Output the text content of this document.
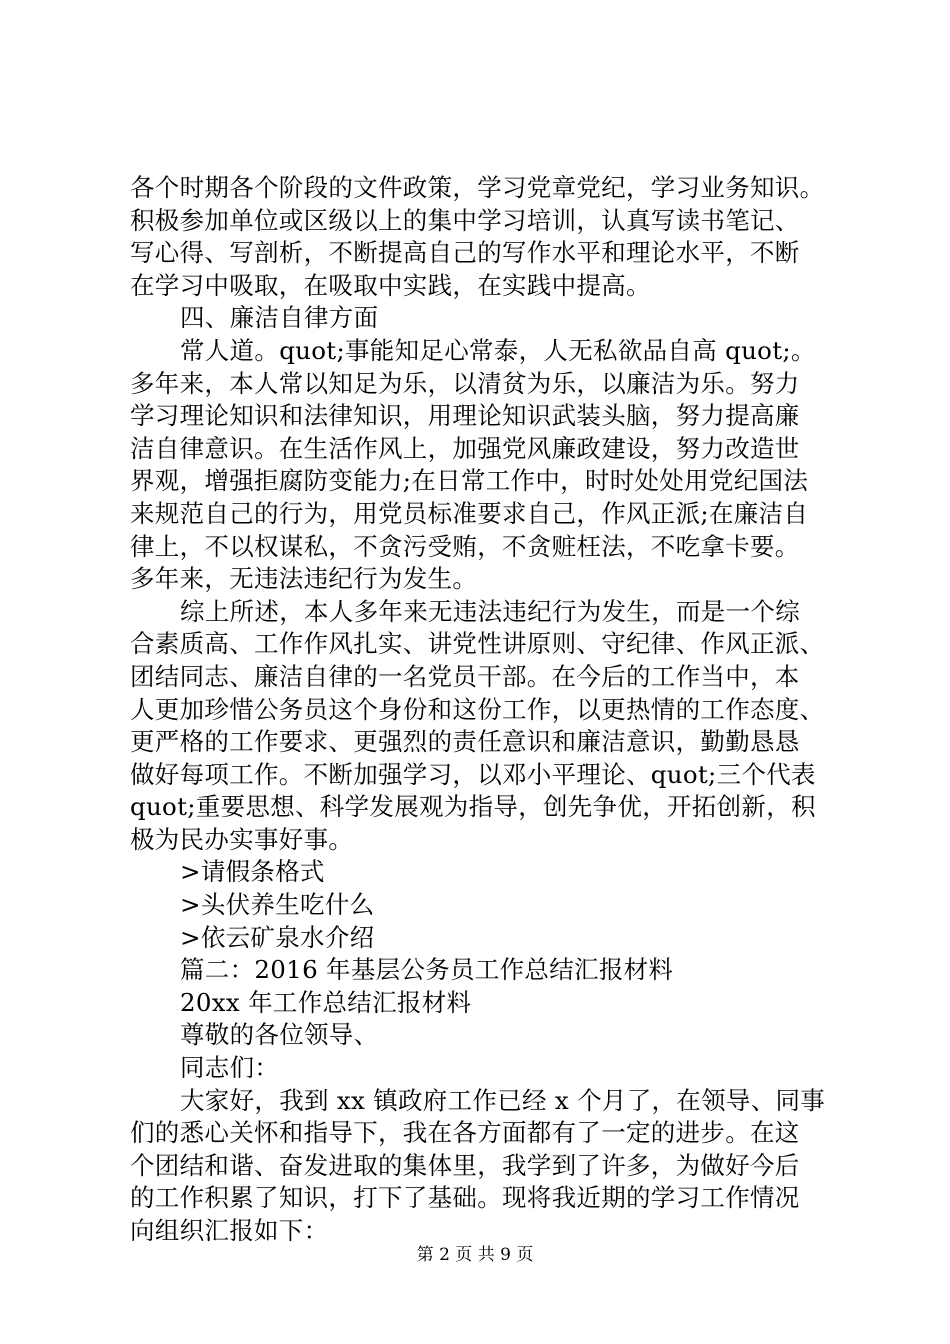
各个时期各个阶段的文件政策，学习党章党纪，学习业务知识。
积极参加单位或区级以上的集中学习培训，认真写读书笔记、
写心得、写剖析，不断提高自己的写作水平和理论水平，不断
在学习中吸取，在吸取中实践，在实践中提高。
四、廉洁自律方面
常人道。quot;事能知足心常泰，人无私欲品自高 quot;。
多年来，本人常以知足为乐，以清贫为乐，以廉洁为乐。努力
学习理论知识和法律知识，用理论知识武装头脑，努力提高廉
洁自律意识。在生活作风上，加强党风廉政建设，努力改造世
界观，增强拒腐防变能力;在日常工作中，时时处处用党纪国法
来规范自己的行为，用党员标准要求自己，作风正派;在廉洁自
律上，不以权谋私，不贪污受贿，不贪赃枉法，不吃拿卡要。
多年来，无违法违纪行为发生。
综上所述，本人多年来无违法违纪行为发生，而是一个综
合素质高、工作作风扎实、讲党性讲原则、守纪律、作风正派、
团结同志、廉洁自律的一名党员干部。在今后的工作当中，本
人更加珍惜公务员这个身份和这份工作，以更热情的工作态度、
更严格的工作要求、更强烈的责任意识和廉洁意识，勤勤恳恳
做好每项工作。不断加强学习，以邓小平理论、quot;三个代表
quot;重要思想、科学发展观为指导，创先争优，开拓创新，积
极为民办实事好事。
>请假条格式
>头伏养生吃什么
>依云矿泉水介绍
篇二：2016 年基层公务员工作总结汇报材料
20xx 年工作总结汇报材料
尊敬的各位领导、
同志们：
大家好，我到 xx 镇政府工作已经 x 个月了，在领导、同事
们的悉心关怀和指导下，我在各方面都有了一定的进步。在这
个团结和谐、奋发进取的集体里，我学到了许多，为做好今后
的工作积累了知识，打下了基础。现将我近期的学习工作情况
向组织汇报如下：
第 2 页 共 9 页
